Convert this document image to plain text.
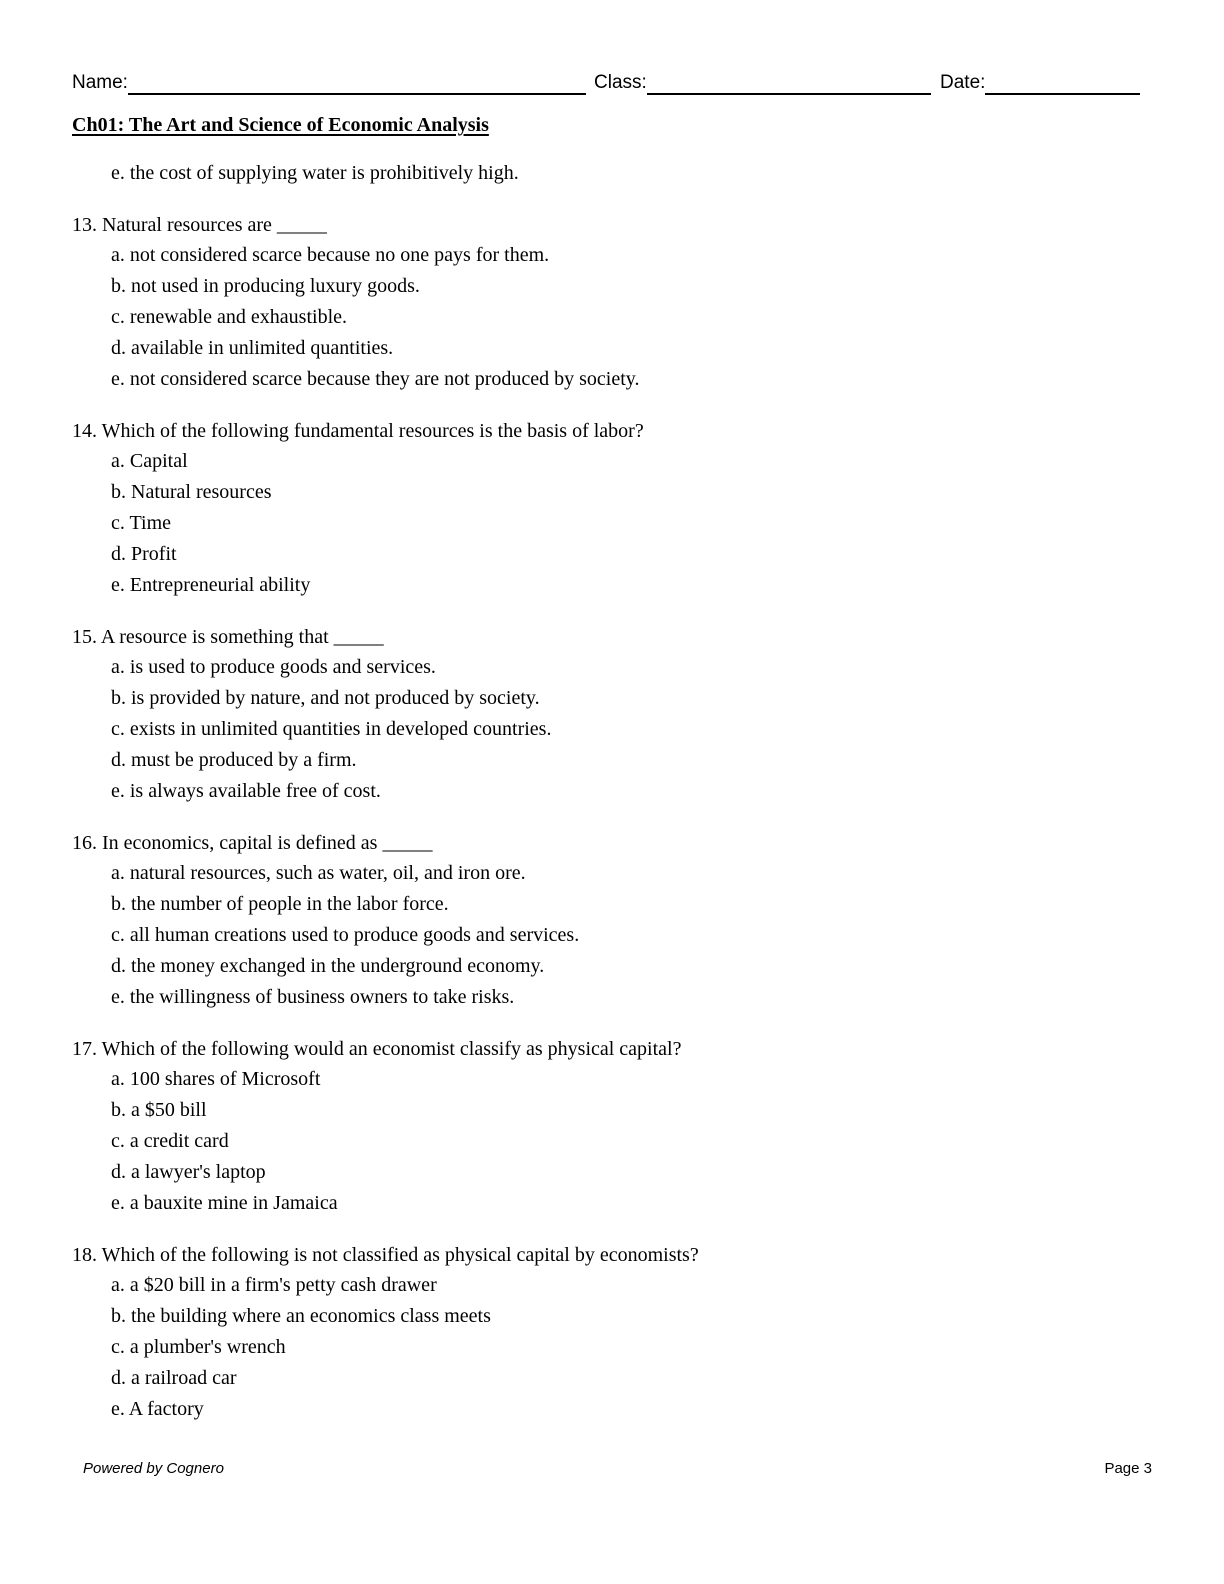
Name:	Class:	Date:
Ch01: The Art and Science of Economic Analysis
e. the cost of supplying water is prohibitively high.
13. Natural resources are _____
a. not considered scarce because no one pays for them.
b. not used in producing luxury goods.
c. renewable and exhaustible.
d. available in unlimited quantities.
e. not considered scarce because they are not produced by society.
14. Which of the following fundamental resources is the basis of labor?
a. Capital
b. Natural resources
c. Time
d. Profit
e. Entrepreneurial ability
15. A resource is something that _____
a. is used to produce goods and services.
b. is provided by nature, and not produced by society.
c. exists in unlimited quantities in developed countries.
d. must be produced by a firm.
e. is always available free of cost.
16. In economics, capital is defined as _____
a. natural resources, such as water, oil, and iron ore.
b. the number of people in the labor force.
c. all human creations used to produce goods and services.
d. the money exchanged in the underground economy.
e. the willingness of business owners to take risks.
17. Which of the following would an economist classify as physical capital?
a. 100 shares of Microsoft
b. a $50 bill
c. a credit card
d. a lawyer's laptop
e. a bauxite mine in Jamaica
18. Which of the following is not classified as physical capital by economists?
a. a $20 bill in a firm's petty cash drawer
b. the building where an economics class meets
c. a plumber's wrench
d. a railroad car
e. A factory
Powered by Cognero	Page 3
